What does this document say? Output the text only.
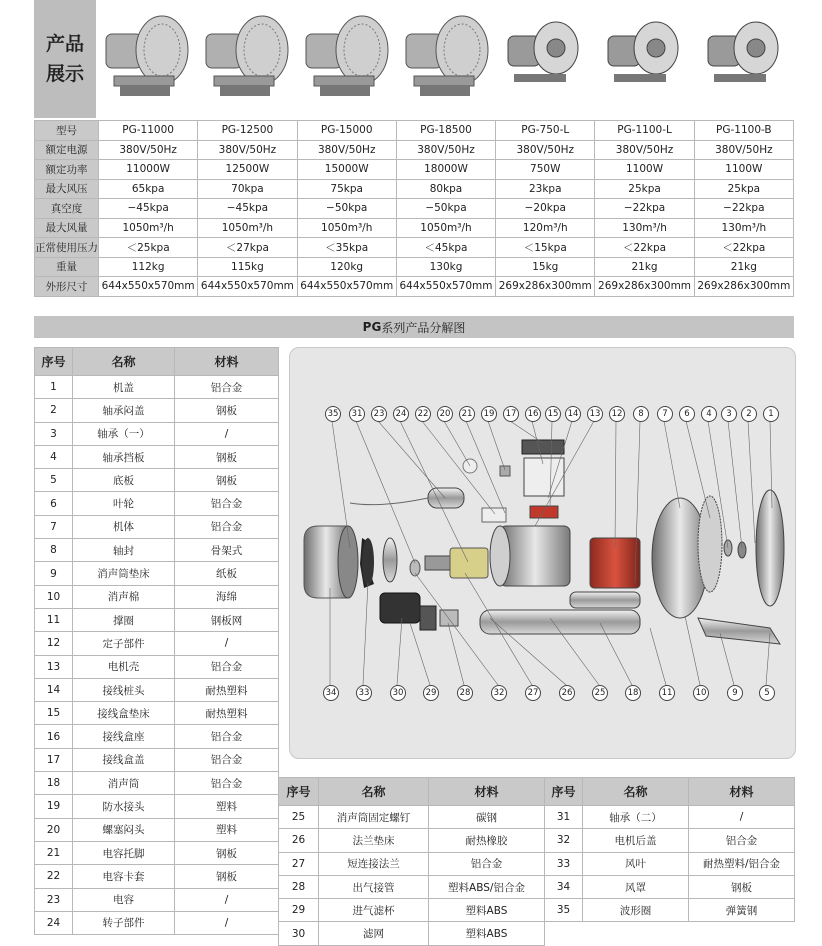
产品
展示
型号	PG-11000	PG-12500	PG-15000	PG-18500	PG-750-L	PG-1100-L	PG-1100-B
额定电源	380V/50Hz	380V/50Hz	380V/50Hz	380V/50Hz	380V/50Hz	380V/50Hz	380V/50Hz
额定功率	11000W	12500W	15000W	18000W	750W	1100W	1100W
最大风压	65kpa	70kpa	75kpa	80kpa	23kpa	25kpa	25kpa
真空度	−45kpa	−45kpa	−50kpa	−50kpa	−20kpa	−22kpa	−22kpa
最大风量	1050m³/h	1050m³/h	1050m³/h	1050m³/h	120m³/h	130m³/h	130m³/h
正常使用压力	＜25kpa	＜27kpa	＜35kpa	＜45kpa	＜15kpa	＜22kpa	＜22kpa
重量	112kg	115kg	120kg	130kg	15kg	21kg	21kg
外形尺寸	644x550x570mm	644x550x570mm	644x550x570mm	644x550x570mm	269x286x300mm	269x286x300mm	269x286x300mm
PG 系列产品分解图
序号	名称	材料
1	机盖	铝合金
2	轴承闷盖	钢板
3	轴承（一）	/
4	轴承挡板	钢板
5	底板	钢板
6	叶轮	铝合金
7	机体	铝合金
8	轴封	骨架式
9	消声筒垫床	纸板
10	消声棉	海绵
11	撑圈	钢板网
12	定子部件	/
13	电机壳	铝合金
14	接线桩头	耐热塑料
15	接线盒垫床	耐热塑料
16	接线盒座	铝合金
17	接线盒盖	铝合金
18	消声筒	铝合金
19	防水接头	塑料
20	螺塞闷头	塑料
21	电容托脚	钢板
22	电容卡套	钢板
23	电容	/
24	转子部件	/
35	31	23	24	22	20	21	19	17	16	15	14	13	12	8	7	6	4	3	2	1
34	33	30	29	28	32	27	26	25	18	11	10	9	5
序号	名称	材料
25	消声筒固定螺钉	碳钢
26	法兰垫床	耐热橡胶
27	短连接法兰	铝合金
28	出气接管	塑料ABS/铝合金
29	进气滤杯	塑料ABS
30	滤网	塑料ABS
序号	名称	材料
31	轴承（二）	/
32	电机后盖	铝合金
33	风叶	耐热塑料/铝合金
34	风罩	钢板
35	波形圈	弹簧钢
